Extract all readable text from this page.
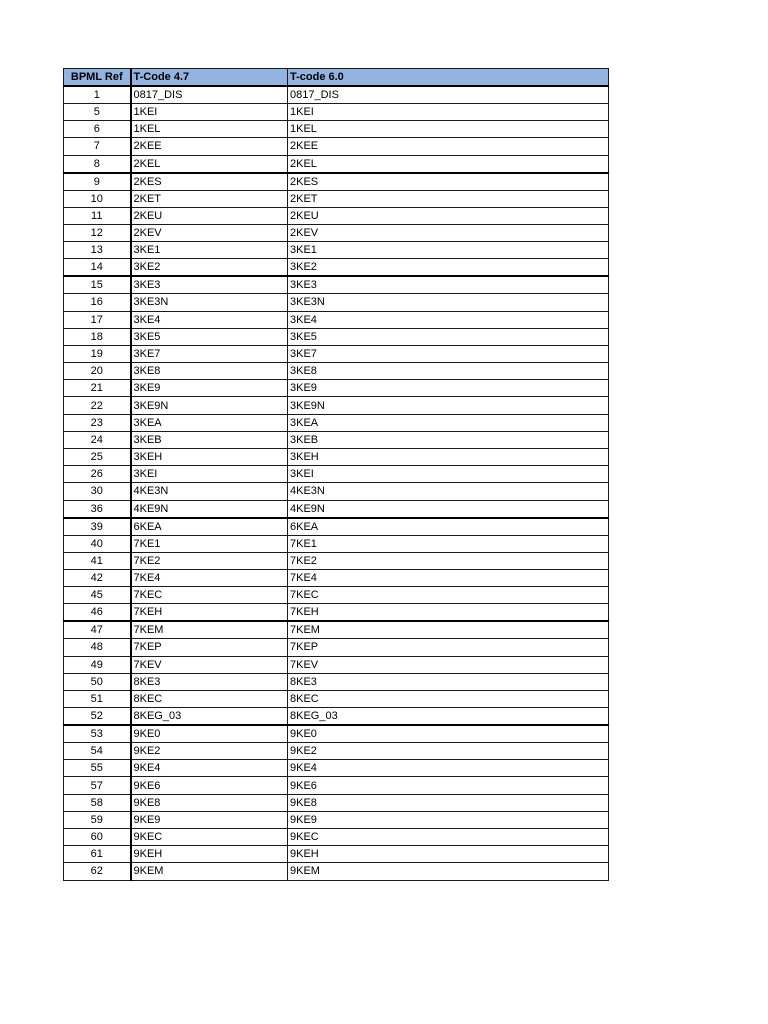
BPML Ref	T-Code 4.7	T-code 6.0
1	0817_DIS	0817_DIS
5	1KEI	1KEI
6	1KEL	1KEL
7	2KEE	2KEE
8	2KEL	2KEL
9	2KES	2KES
10	2KET	2KET
11	2KEU	2KEU
12	2KEV	2KEV
13	3KE1	3KE1
14	3KE2	3KE2
15	3KE3	3KE3
16	3KE3N	3KE3N
17	3KE4	3KE4
18	3KE5	3KE5
19	3KE7	3KE7
20	3KE8	3KE8
21	3KE9	3KE9
22	3KE9N	3KE9N
23	3KEA	3KEA
24	3KEB	3KEB
25	3KEH	3KEH
26	3KEI	3KEI
30	4KE3N	4KE3N
36	4KE9N	4KE9N
39	6KEA	6KEA
40	7KE1	7KE1
41	7KE2	7KE2
42	7KE4	7KE4
45	7KEC	7KEC
46	7KEH	7KEH
47	7KEM	7KEM
48	7KEP	7KEP
49	7KEV	7KEV
50	8KE3	8KE3
51	8KEC	8KEC
52	8KEG_03	8KEG_03
53	9KE0	9KE0
54	9KE2	9KE2
55	9KE4	9KE4
57	9KE6	9KE6
58	9KE8	9KE8
59	9KE9	9KE9
60	9KEC	9KEC
61	9KEH	9KEH
62	9KEM	9KEM
